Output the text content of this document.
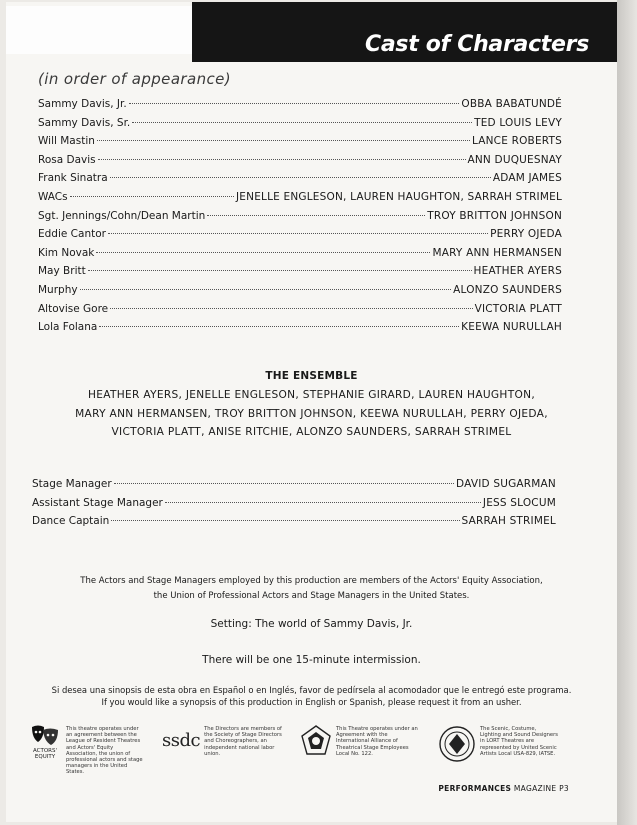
Cast of Characters

(in order of appearance)

Sammy Davis, Jr.	OBBA BABATUNDÉ
Sammy Davis, Sr.	TED LOUIS LEVY
Will Mastin	LANCE ROBERTS
Rosa Davis	ANN DUQUESNAY
Frank Sinatra	ADAM JAMES
WACs	JENELLE ENGLESON, LAUREN HAUGHTON, SARRAH STRIMEL
Sgt. Jennings/Cohn/Dean Martin	TROY BRITTON JOHNSON
Eddie Cantor	PERRY OJEDA
Kim Novak	MARY ANN HERMANSEN
May Britt	HEATHER AYERS
Murphy	ALONZO SAUNDERS
Altovise Gore	VICTORIA PLATT
Lola Folana	KEEWA NURULLAH
THE ENSEMBLE
HEATHER AYERS, JENELLE ENGLESON, STEPHANIE GIRARD, LAUREN HAUGHTON,
MARY ANN HERMANSEN, TROY BRITTON JOHNSON, KEEWA NURULLAH, PERRY OJEDA,
VICTORIA PLATT, ANISE RITCHIE, ALONZO SAUNDERS, SARRAH STRIMEL
Stage Manager	DAVID SUGARMAN
Assistant Stage Manager	JESS SLOCUM
Dance Captain	SARRAH STRIMEL

The Actors and Stage Managers employed by this production are members of the Actors' Equity Association,
the Union of Professional Actors and Stage Managers in the United States.

Setting: The world of Sammy Davis, Jr.

There will be one 15-minute intermission.

Si desea una sinopsis de esta obra en Español o en Inglés, favor de pedírsela al acomodador que le entregó este programa.
If you would like a synopsis of this production in English or Spanish, please request it from an usher.

ACTORS' EQUITY
This theatre operates under an agreement between the League of Resident Theatres and Actors' Equity Association, the union of professional actors and stage managers in the United States.
ssdc
The Directors are members of the Society of Stage Directors and Choreographers, an independent national labor union.
This Theatre operates under an Agreement with the International Alliance of Theatrical Stage Employees Local No. 122.
The Scenic, Costume, Lighting and Sound Designers in LORT Theatres are represented by United Scenic Artists Local USA-829, IATSE.
PERFORMANCES MAGAZINE P3
